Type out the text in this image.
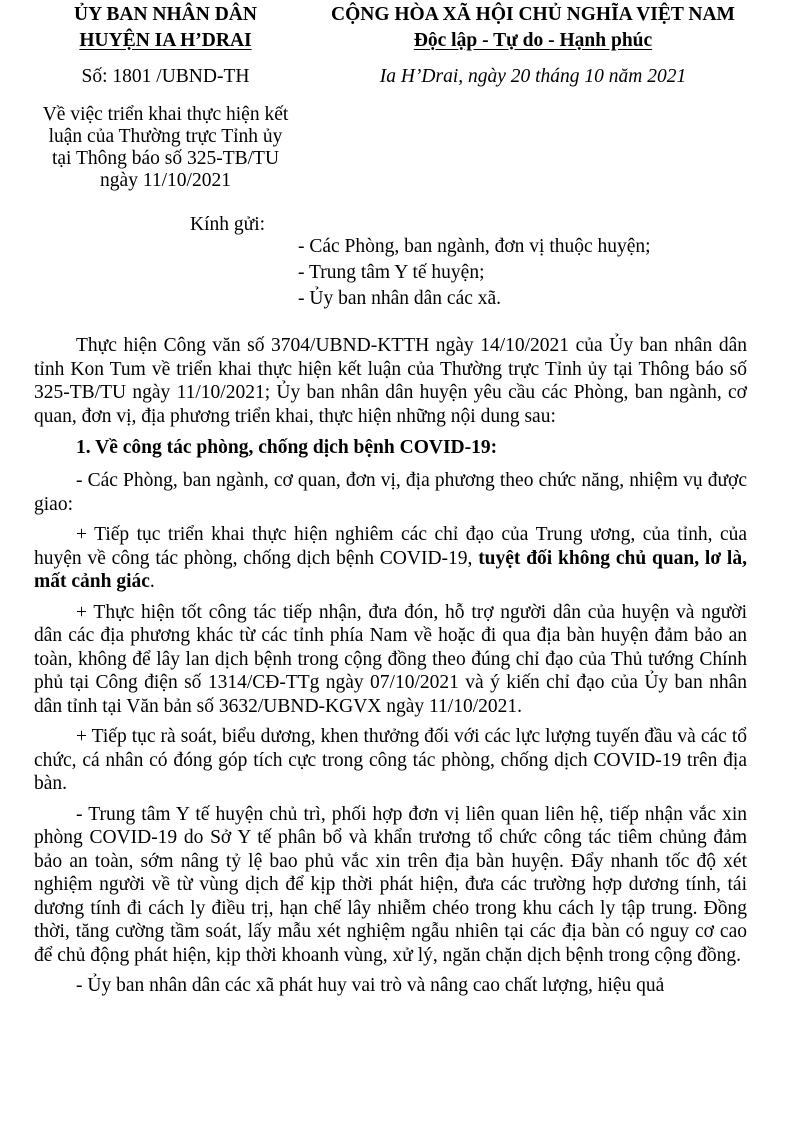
ỦY BAN NHÂN DÂN
HUYỆN IA H’DRAI
Số: 1801 /UBND-TH
Về việc triển khai thực hiện kết luận của Thường trực Tỉnh ủy tại Thông báo số 325-TB/TU ngày 11/10/2021
CỘNG HÒA XÃ HỘI CHỦ NGHĨA VIỆT NAM
Độc lập - Tự do - Hạnh phúc
Ia H’Drai, ngày 20 tháng 10 năm 2021
Kính gửi:
- Các Phòng, ban ngành, đơn vị thuộc huyện;
- Trung tâm Y tế huyện;
- Ủy ban nhân dân các xã.

Thực hiện Công văn số 3704/UBND-KTTH ngày 14/10/2021 của Ủy ban nhân dân tỉnh Kon Tum về triển khai thực hiện kết luận của Thường trực Tỉnh ủy tại Thông báo số 325-TB/TU ngày 11/10/2021; Ủy ban nhân dân huyện yêu cầu các Phòng, ban ngành, cơ quan, đơn vị, địa phương triển khai, thực hiện những nội dung sau:

1. Về công tác phòng, chống dịch bệnh COVID-19:

- Các Phòng, ban ngành, cơ quan, đơn vị, địa phương theo chức năng, nhiệm vụ được giao:

+ Tiếp tục triển khai thực hiện nghiêm các chỉ đạo của Trung ương, của tỉnh, của huyện về công tác phòng, chống dịch bệnh COVID-19, tuyệt đối không chủ quan, lơ là, mất cảnh giác.

+ Thực hiện tốt công tác tiếp nhận, đưa đón, hỗ trợ người dân của huyện và người dân các địa phương khác từ các tỉnh phía Nam về hoặc đi qua địa bàn huyện đảm bảo an toàn, không để lây lan dịch bệnh trong cộng đồng theo đúng chỉ đạo của Thủ tướng Chính phủ tại Công điện số 1314/CĐ-TTg ngày 07/10/2021 và ý kiến chỉ đạo của Ủy ban nhân dân tỉnh tại Văn bản số 3632/UBND-KGVX ngày 11/10/2021.

+ Tiếp tục rà soát, biểu dương, khen thưởng đối với các lực lượng tuyến đầu và các tổ chức, cá nhân có đóng góp tích cực trong công tác phòng, chống dịch COVID-19 trên địa bàn.

- Trung tâm Y tế huyện chủ trì, phối hợp đơn vị liên quan liên hệ, tiếp nhận vắc xin phòng COVID-19 do Sở Y tế phân bổ và khẩn trương tổ chức công tác tiêm chủng đảm bảo an toàn, sớm nâng tỷ lệ bao phủ vắc xin trên địa bàn huyện. Đẩy nhanh tốc độ xét nghiệm người về từ vùng dịch để kịp thời phát hiện, đưa các trường hợp dương tính, tái dương tính đi cách ly điều trị, hạn chế lây nhiễm chéo trong khu cách ly tập trung. Đồng thời, tăng cường tầm soát, lấy mẫu xét nghiệm ngẫu nhiên tại các địa bàn có nguy cơ cao để chủ động phát hiện, kịp thời khoanh vùng, xử lý, ngăn chặn dịch bệnh trong cộng đồng.

- Ủy ban nhân dân các xã phát huy vai trò và nâng cao chất lượng, hiệu quả
